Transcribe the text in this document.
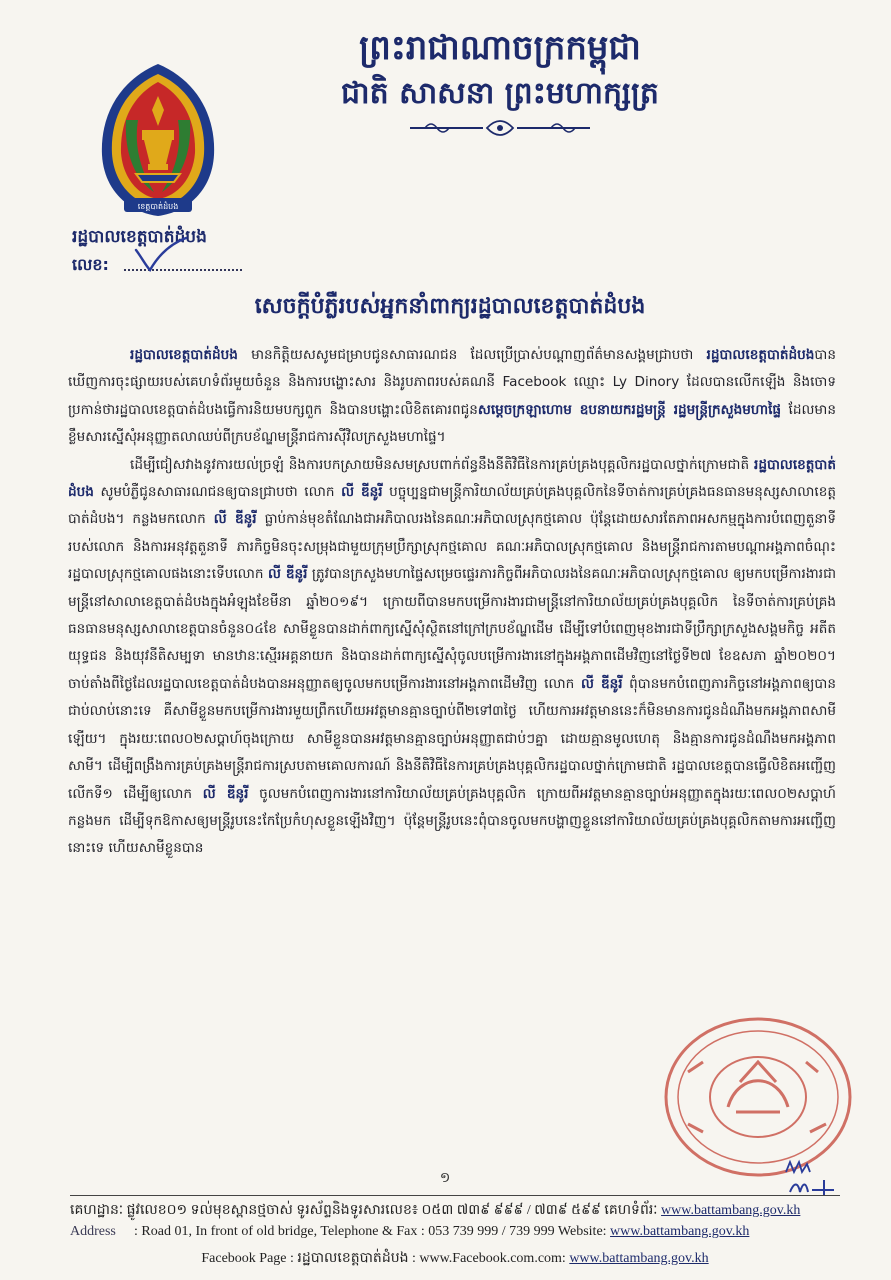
ព្រះរាជាណាចក្រកម្ពុជា
ជាតិ សាសនា ព្រះមហាក្សត្រ
ខេត្តបាត់ដំបង
រដ្ឋបាលខេត្តបាត់ដំបង
លេខ:
សេចក្តីបំភ្លឺរបស់អ្នកនាំពាក្យរដ្ឋបាលខេត្តបាត់ដំបង

រដ្ឋបាលខេត្តបាត់ដំបង មានកិត្តិយសសូមជម្រាបជូនសាធារណជន ដែលប្រើប្រាស់បណ្តាញព័ត៌មានសង្គមជ្រាបថា រដ្ឋបាលខេត្តបាត់ដំបងបានឃើញការចុះផ្សាយរបស់គេហទំព័រមួយចំនួន និងការបង្ហោះសារ និងរូបភាពរបស់គណនី Facebook ឈ្មោះ Ly Dinory ដែលបានលើកឡើង និងចោទប្រកាន់ថារដ្ឋបាលខេត្តបាត់ដំបងធ្វើការនិយមបក្សពួក និងបានបង្ហោះលិខិតគោរពជូនសម្តេចក្រឡាហោម ឧបនាយករដ្ឋមន្ត្រី រដ្ឋមន្ត្រីក្រសួងមហាផ្ទៃ ដែលមានខ្លឹមសារស្នើសុំអនុញ្ញាតលាឈប់ពីក្របខ័ណ្ឌមន្ត្រីរាជការស៊ីវិលក្រសួងមហាផ្ទៃ។

ដើម្បីជៀសវាងនូវការយល់ច្រឡំ និងការបកស្រាយមិនសមស្របពាក់ព័ន្ធនឹងនីតិវិធីនៃការគ្រប់គ្រងបុគ្គលិករដ្ឋបាលថ្នាក់ក្រោមជាតិ រដ្ឋបាលខេត្តបាត់ដំបង សូមបំភ្លឺជូនសាធារណជនឲ្យបានជ្រាបថា លោក លី឵ ឌីនូរី បច្ចុប្បន្នជាមន្ត្រីការិយាល័យគ្រប់គ្រងបុគ្គលិកនៃទីចាត់ការគ្រប់គ្រងធនធានមនុស្សសាលាខេត្តបាត់ដំបង។ កន្លងមកលោក លី ឌីនូរី ធ្លាប់កាន់មុខតំណែងជាអភិបាលរងនៃគណៈអភិបាលស្រុកថ្មគោល ប៉ុន្តែដោយសារតែភាពអសកម្មក្នុងការបំពេញតួនាទីរបស់លោក និងការអនុវត្តតួនាទី ភារកិច្ចមិនចុះសម្រុងជាមួយក្រុមប្រឹក្សាស្រុកថ្មគោល គណៈអភិបាលស្រុកថ្មគោល និងមន្ត្រីរាជការតាមបណ្តាអង្គភាពចំណុះរដ្ឋបាលស្រុកថ្មគោលផងនោះទើបលោក លី ឌីនូរី ត្រូវបានក្រសួងមហាផ្ទៃសម្រេចផ្ទេរភារកិច្ចពីអភិបាលរងនៃគណៈអភិបាលស្រុកថ្មគោល ឲ្យមកបម្រើការងារជាមន្ត្រីនៅសាលាខេត្តបាត់ដំបងក្នុងអំឡុងខែមីនា ឆ្នាំ២០១៩។ ក្រោយពីបានមកបម្រើការងារជាមន្ត្រីនៅការិយាល័យគ្រប់គ្រងបុគ្គលិក នៃទីចាត់ការគ្រប់គ្រងធនធានមនុស្សសាលាខេត្តបានចំនួន០៤ខែ សាមីខ្លួនបានដាក់ពាក្យស្នើសុំស្ថិតនៅក្រៅក្របខ័ណ្ឌដើម ដើម្បីទៅបំពេញមុខងារជាទីប្រឹក្សាក្រសួងសង្គមកិច្ច អតីតយុទ្ធជន និងយុវនីតិសម្បទា មានឋានៈស្មើរអគ្គនាយក និងបានដាក់ពាក្យស្នើសុំចូលបម្រើការងារនៅក្នុងអង្គភាពដើមវិញនៅថ្ងៃទី២៧ ខែឧសភា ឆ្នាំ២០២០។ ចាប់តាំងពីថ្ងៃដែលរដ្ឋបាលខេត្តបាត់ដំបងបានអនុញ្ញាតឲ្យចូលមកបម្រើការងារនៅអង្គភាពដើមវិញ លោក លី ឌីនូរី ពុំបានមកបំពេញភារកិច្ចនៅអង្គភាពឲ្យបានជាប់លាប់នោះទេ គឺសាមីខ្លួនមកបម្រើការងារមួយព្រឹកហើយអវត្តមានគ្មានច្បាប់ពី២ទៅ៣ថ្ងៃ ហើយការអវត្តមាននេះក៏មិនមានការជូនដំណឹងមកអង្គភាពសាមីឡើយ។ ក្នុងរយៈពេល០២សប្តាហ៍ចុងក្រោយ សាមីខ្លួនបានអវត្តមានគ្មានច្បាប់អនុញ្ញាតជាប់ៗគ្នា ដោយគ្មានមូលហេតុ និងគ្មានការជូនដំណឹងមកអង្គភាពសាមី។ ដើម្បីពង្រឹងការគ្រប់គ្រងមន្ត្រីរាជការស្របតាមគោលការណ៍ និងនីតិវិធីនៃការគ្រប់គ្រងបុគ្គលិករដ្ឋបាលថ្នាក់ក្រោមជាតិ រដ្ឋបាលខេត្តបានធ្វើលិខិតអញ្ជើញលើកទី១ ដើម្បីឲ្យលោក លី ឌីនូរី ចូលមកបំពេញការងារនៅការិយាល័យគ្រប់គ្រងបុគ្គលិក ក្រោយពីអវត្តមានគ្មានច្បាប់អនុញ្ញាតក្នុងរយៈពេល០២សប្តាហ៍កន្លងមក ដើម្បីទុកឱកាសឲ្យមន្ត្រីរូបនេះកែប្រែកំហុសខ្លួនឡើងវិញ។ ប៉ុន្តែមន្ត្រីរូបនេះពុំបានចូលមកបង្ហាញខ្លួននៅការិយាល័យគ្រប់គ្រងបុគ្គលិកតាមការអញ្ជើញនោះទេ ហើយសាមីខ្លួនបាន

១
គេហដ្ឋានៈ ផ្លូវលេខ០១ ទល់មុខស្ពានថ្មចាស់ ទូរស័ព្ទនិងទូរសារលេខ៖ ០៥៣ ៧៣៩ ៩៩៩ / ៧៣៩ ៥៩៩ គេហទំព័រៈ www.battambang.gov.kh
Address : Road 01, In front of old bridge, Telephone & Fax : 053 739 999 / 739 999 Website: www.battambang.gov.kh
Facebook Page : រដ្ឋបាលខេត្តបាត់ដំបង : www.Facebook.com.com: www.battambang.gov.kh
